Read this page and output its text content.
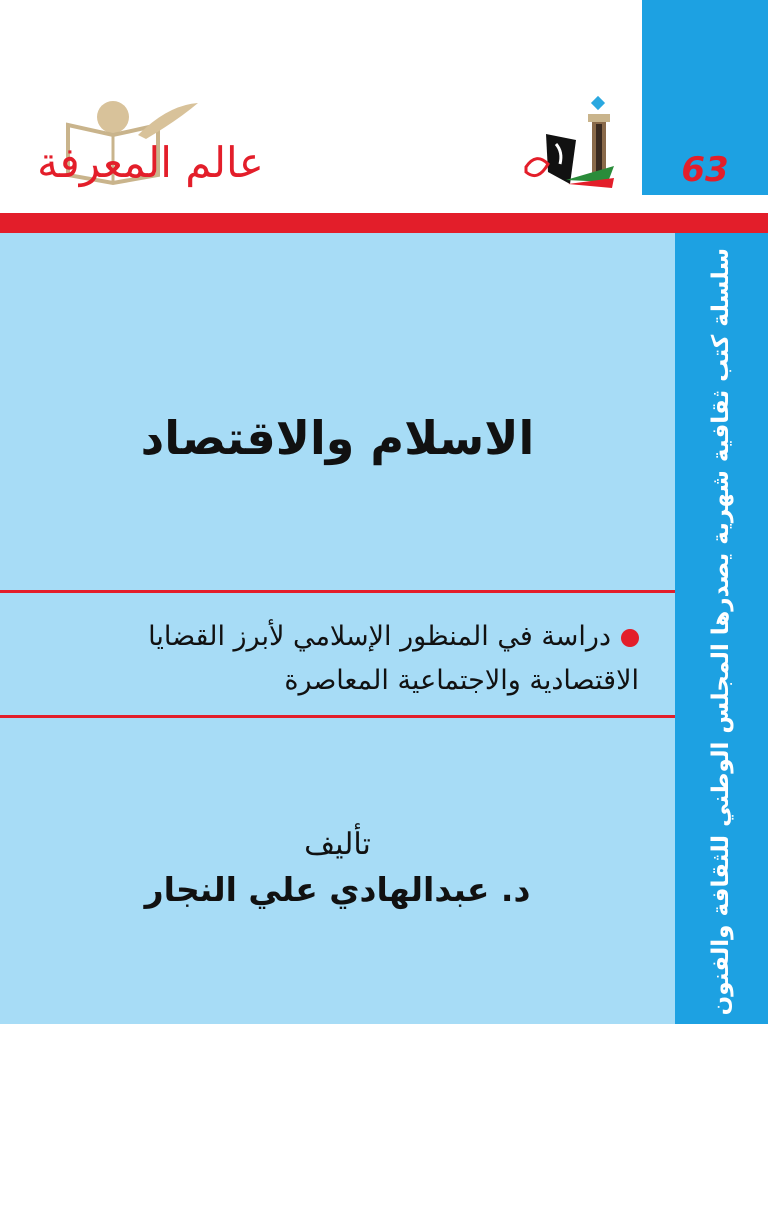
عالم المعرفة	63
الاسلام والاقتصاد
دراسة في المنظور الإسلامي لأبرز القضايا الاقتصادية والاجتماعية المعاصرة
تأليف
د. عبدالهادي علي النجار	سلسلة كتب ثقافية شهرية يصدرها المجلس الوطني للثقافة والفنون والآداب - الكويت
